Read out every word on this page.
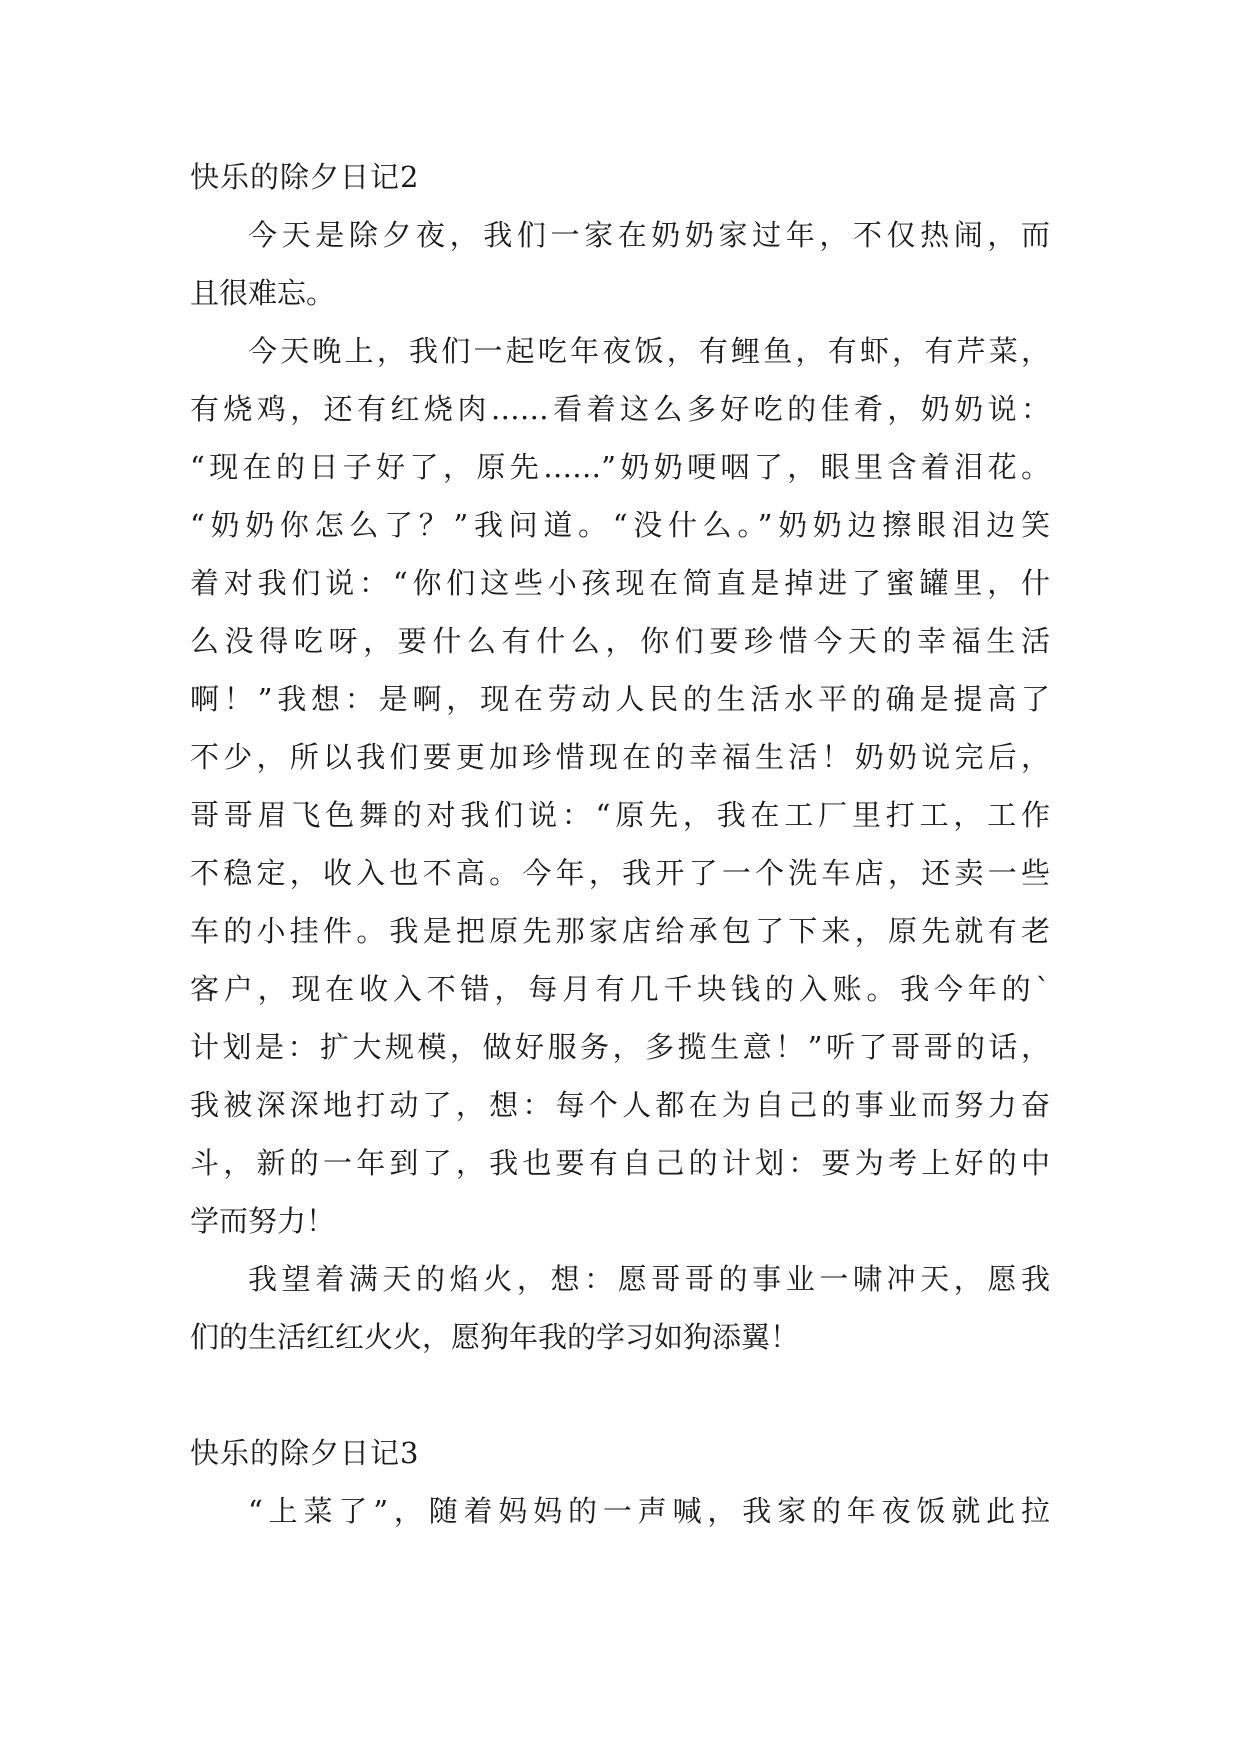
快乐的除夕日记2
今天是除夕夜，我们一家在奶奶家过年，不仅热闹，而
且很难忘。
今天晚上，我们一起吃年夜饭，有鲤鱼，有虾，有芹菜，
有烧鸡，还有红烧肉……看着这么多好吃的佳肴，奶奶说：
“现在的日子好了，原先……”奶奶哽咽了，眼里含着泪花。
“奶奶你怎么了？”我问道。“没什么。”奶奶边擦眼泪边笑
着对我们说：“你们这些小孩现在简直是掉进了蜜罐里，什
么没得吃呀，要什么有什么，你们要珍惜今天的幸福生活
啊！”我想：是啊，现在劳动人民的生活水平的确是提高了
不少，所以我们要更加珍惜现在的幸福生活！奶奶说完后，
哥哥眉飞色舞的对我们说：“原先，我在工厂里打工，工作
不稳定，收入也不高。今年，我开了一个洗车店，还卖一些
车的小挂件。我是把原先那家店给承包了下来，原先就有老
客户，现在收入不错，每月有几千块钱的入账。我今年的`
计划是：扩大规模，做好服务，多揽生意！”听了哥哥的话，
我被深深地打动了，想：每个人都在为自己的事业而努力奋
斗，新的一年到了，我也要有自己的计划：要为考上好的中
学而努力！
我望着满天的焰火，想：愿哥哥的事业一啸冲天，愿我
们的生活红红火火，愿狗年我的学习如狗添翼！
快乐的除夕日记3
“上菜了”，随着妈妈的一声喊，我家的年夜饭就此拉
